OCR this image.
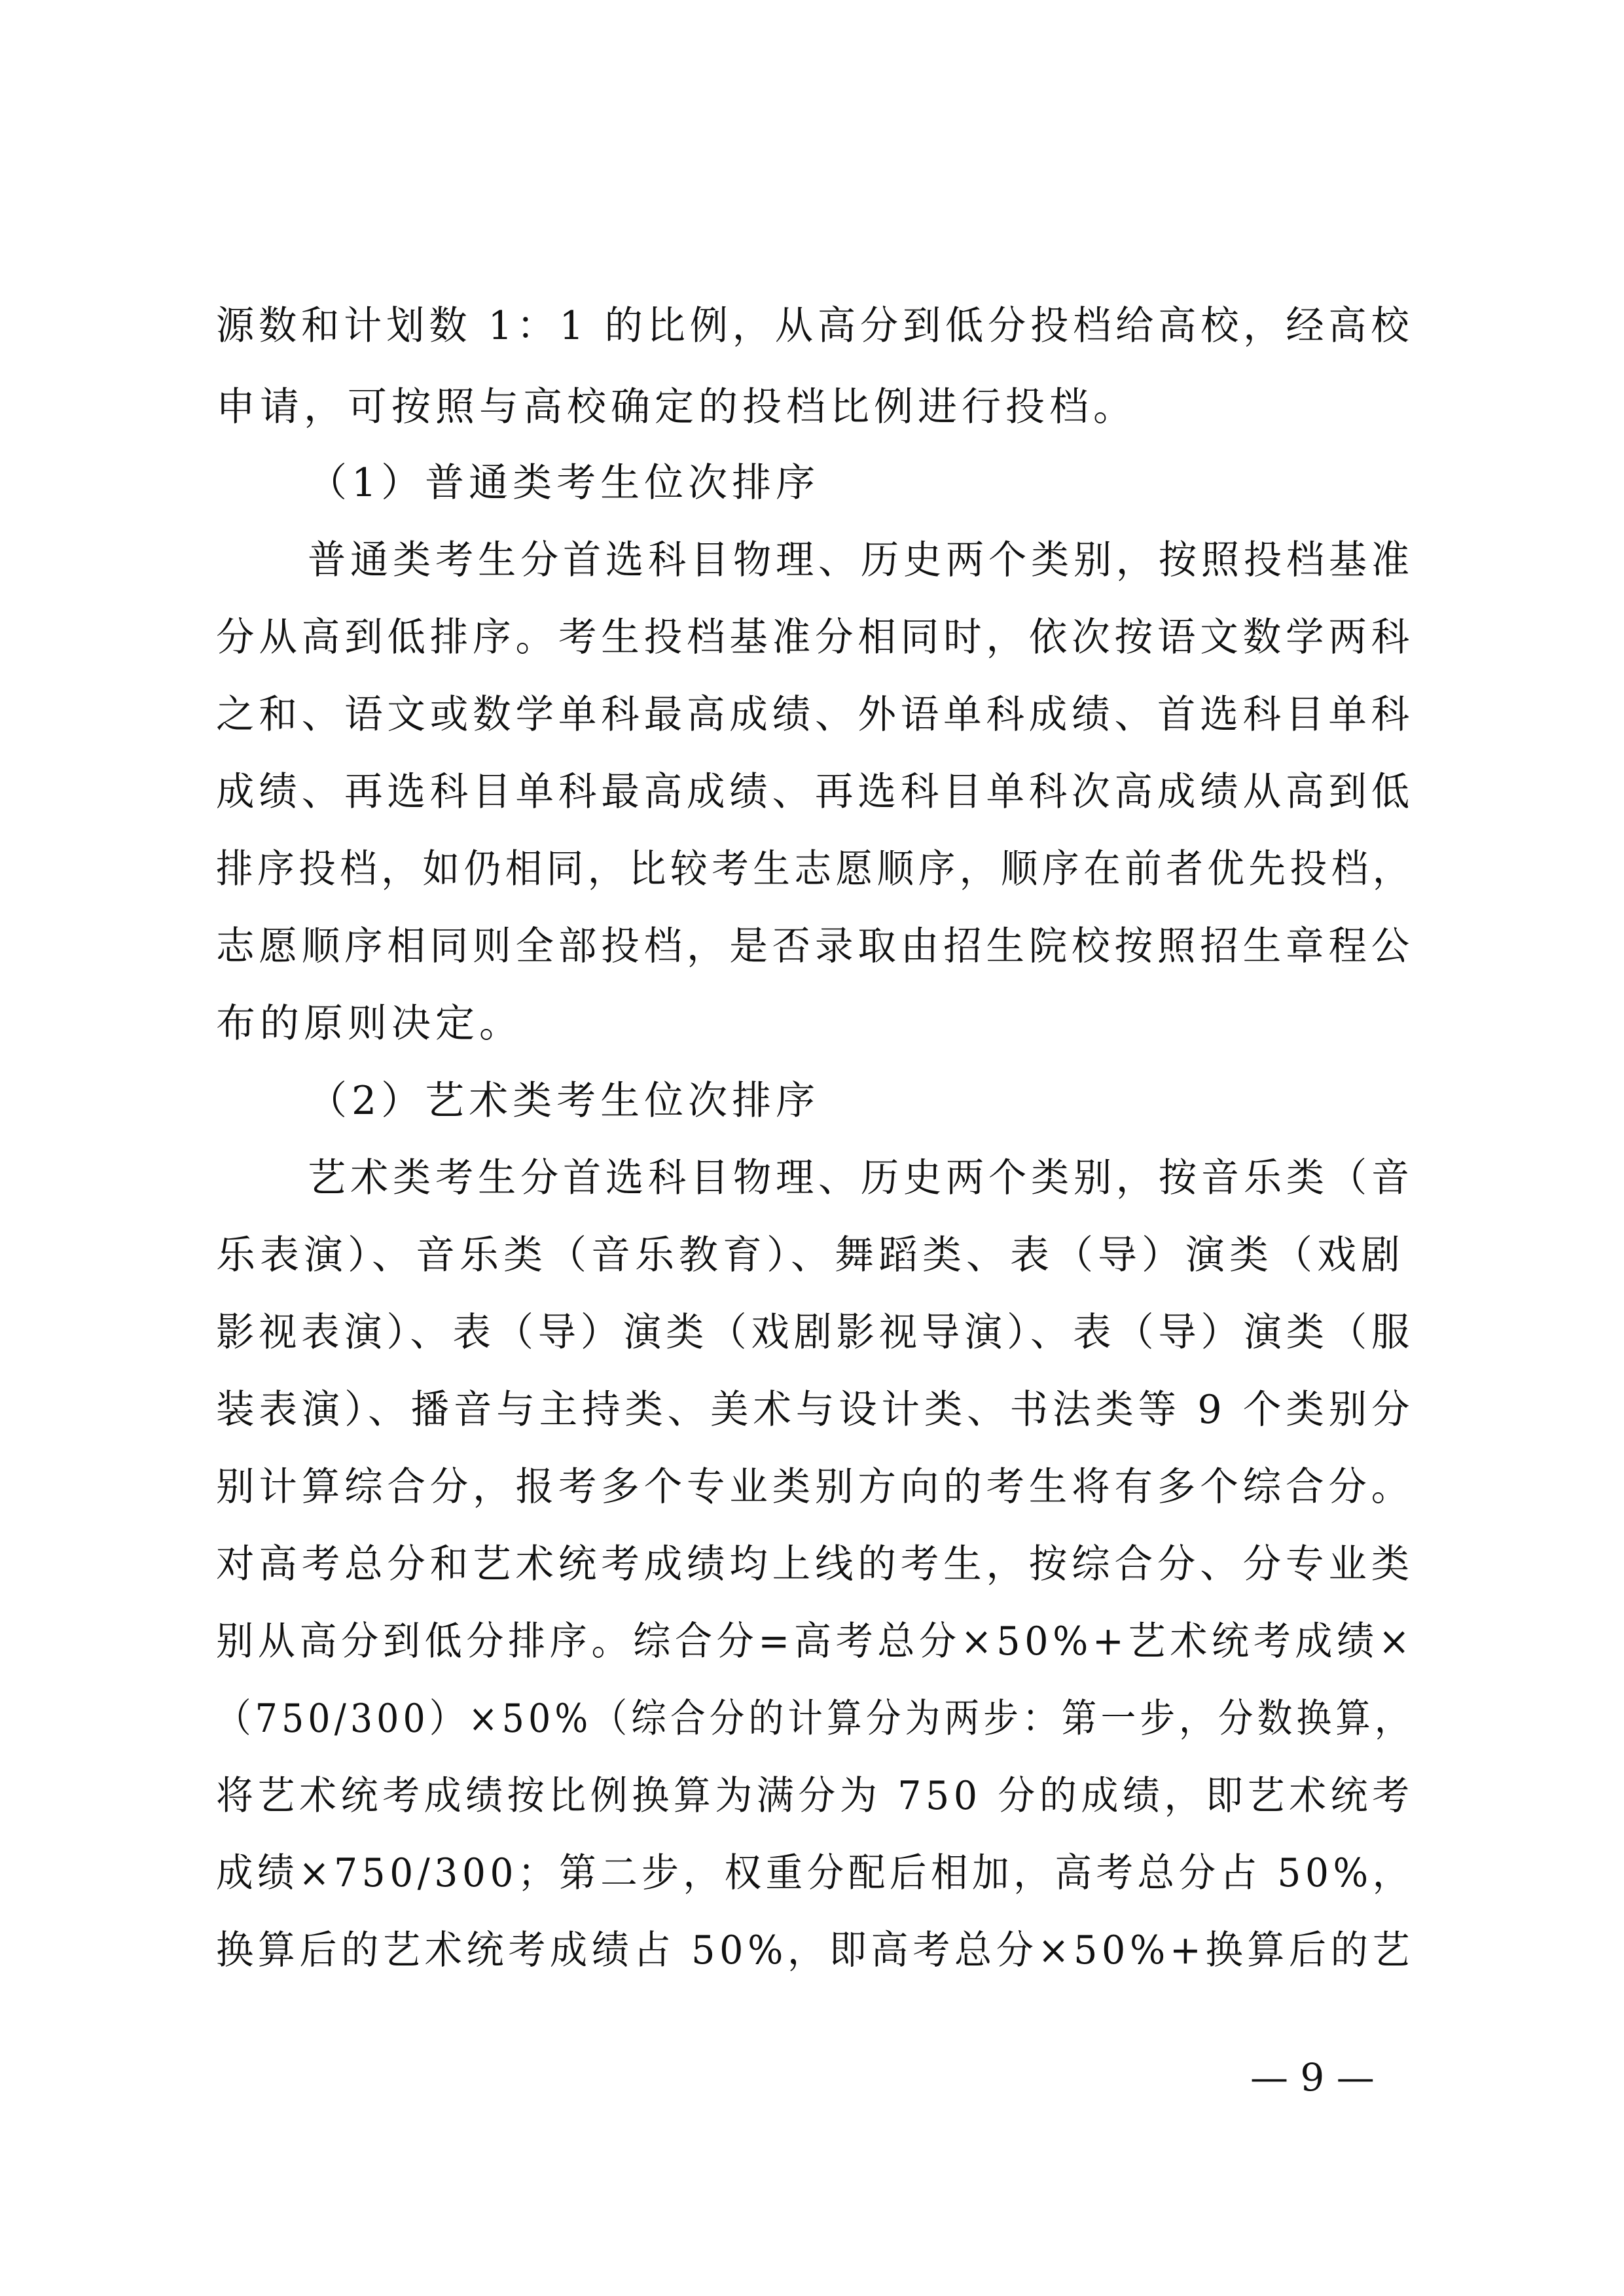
源数和计划数 1：1 的比例，从高分到低分投档给高校，经高校
申请，可按照与高校确定的投档比例进行投档。
（1）普通类考生位次排序
普通类考生分首选科目物理、历史两个类别，按照投档基准
分从高到低排序。考生投档基准分相同时，依次按语文数学两科
之和、语文或数学单科最高成绩、外语单科成绩、首选科目单科
成绩、再选科目单科最高成绩、再选科目单科次高成绩从高到低
排序投档，如仍相同，比较考生志愿顺序，顺序在前者优先投档，
志愿顺序相同则全部投档，是否录取由招生院校按照招生章程公
布的原则决定。
（2）艺术类考生位次排序
艺术类考生分首选科目物理、历史两个类别，按音乐类（音
乐表演）、音乐类（音乐教育）、舞蹈类、表（导）演类（戏剧
影视表演）、表（导）演类（戏剧影视导演）、表（导）演类（服
装表演）、播音与主持类、美术与设计类、书法类等 9 个类别分
别计算综合分，报考多个专业类别方向的考生将有多个综合分。
对高考总分和艺术统考成绩均上线的考生，按综合分、分专业类
别从高分到低分排序。综合分=高考总分×50%+艺术统考成绩×
（750/300）×50%（综合分的计算分为两步：第一步，分数换算，
将艺术统考成绩按比例换算为满分为 750 分的成绩，即艺术统考
成绩×750/300；第二步，权重分配后相加，高考总分占 50%，
换算后的艺术统考成绩占 50%，即高考总分×50%+换算后的艺
— 9 —
